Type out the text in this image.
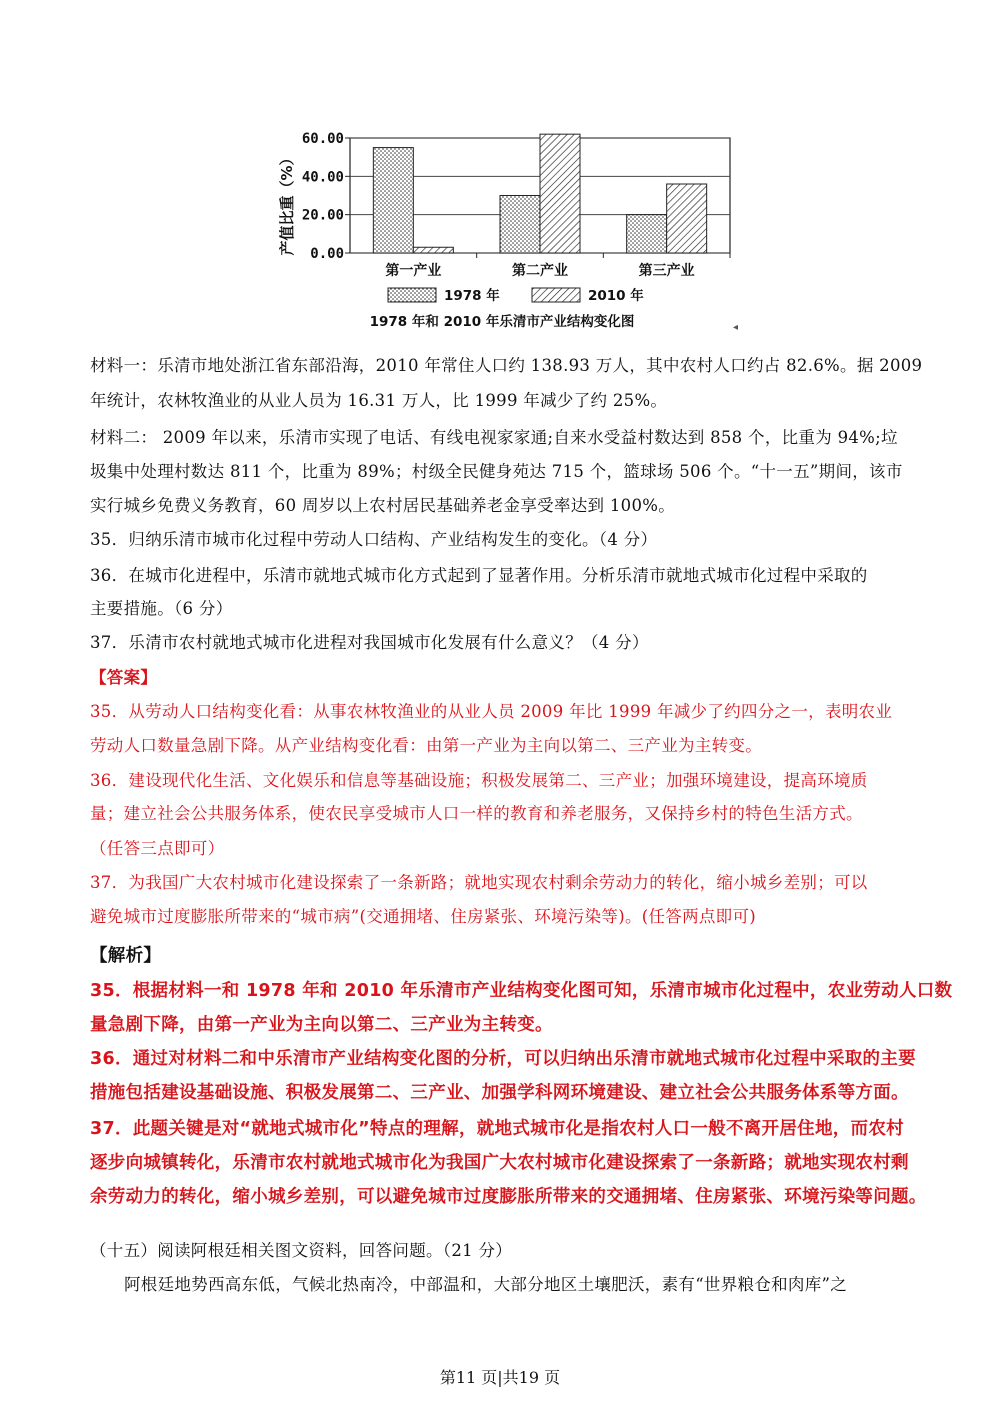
0.00
20.00
40.00
60.00
第一产业	第二产业	第三产业
产值比重（%）
1978 年	2010 年
1978 年和 2010 年乐清市产业结构变化图	◂
材料一：乐清市地处浙江省东部沿海，2010 年常住人口约 138.93 万人，其中农村人口约占 82.6%。据 2009
年统计，农林牧渔业的从业人员为 16.31 万人，比 1999 年减少了约 25%。
材料二： 2009 年以来，乐清市实现了电话、有线电视家家通;自来水受益村数达到 858 个，比重为 94%;垃
圾集中处理村数达 811 个，比重为 89%；村级全民健身苑达 715 个，篮球场 506 个。“十一五”期间，该市
实行城乡免费义务教育，60 周岁以上农村居民基础养老金享受率达到 100%。
35．归纳乐清市城市化过程中劳动人口结构、产业结构发生的变化。（4 分）
36．在城市化进程中，乐清市就地式城市化方式起到了显著作用。分析乐清市就地式城市化过程中采取的
主要措施。（6 分）
37．乐清市农村就地式城市化进程对我国城市化发展有什么意义？（4 分）
【答案】
35．从劳动人口结构变化看：从事农林牧渔业的从业人员 2009 年比 1999 年减少了约四分之一，表明农业
劳动人口数量急剧下降。从产业结构变化看：由第一产业为主向以第二、三产业为主转变。
36．建设现代化生活、文化娱乐和信息等基础设施；积极发展第二、三产业；加强环境建设，提高环境质
量；建立社会公共服务体系，使农民享受城市人口一样的教育和养老服务，又保持乡村的特色生活方式。
（任答三点即可）
37．为我国广大农村城市化建设探索了一条新路；就地实现农村剩余劳动力的转化，缩小城乡差别；可以
避免城市过度膨胀所带来的“城市病”(交通拥堵、住房紧张、环境污染等)。(任答两点即可)
【解析】
35．根据材料一和 1978 年和 2010 年乐清市产业结构变化图可知，乐清市城市化过程中，农业劳动人口数
量急剧下降，由第一产业为主向以第二、三产业为主转变。
36．通过对材料二和中乐清市产业结构变化图的分析，可以归纳出乐清市就地式城市化过程中采取的主要
措施包括建设基础设施、积极发展第二、三产业、加强学科网环境建设、建立社会公共服务体系等方面。
37．此题关键是对“就地式城市化”特点的理解，就地式城市化是指农村人口一般不离开居住地，而农村
逐步向城镇转化，乐清市农村就地式城市化为我国广大农村城市化建设探索了一条新路；就地实现农村剩
余劳动力的转化，缩小城乡差别，可以避免城市过度膨胀所带来的交通拥堵、住房紧张、环境污染等问题。
（十五）阅读阿根廷相关图文资料，回答问题。（21 分）
阿根廷地势西高东低，气候北热南冷，中部温和，大部分地区土壤肥沃，素有“世界粮仓和肉库”之
第11 页|共19 页
